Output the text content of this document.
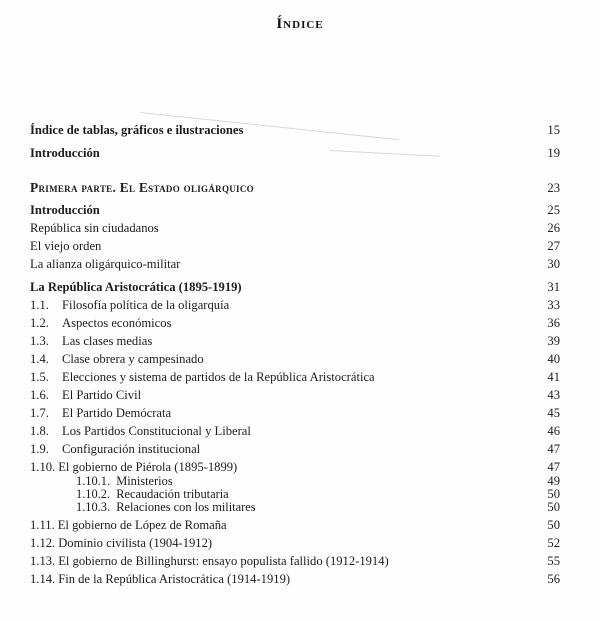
Índice
Índice de tablas, gráficos e ilustraciones	15
Introducción	19
Primera parte. El Estado oligárquico	23
Introducción	25
República sin ciudadanos	26
El viejo orden	27
La alianza oligárquico-militar	30
La República Aristocrática (1895-1919)	31
1.1. Filosofía política de la oligarquía	33
1.2. Aspectos económicos	36
1.3. Las clases medias	39
1.4. Clase obrera y campesinado	40
1.5. Elecciones y sistema de partidos de la República Aristocrática	41
1.6. El Partido Civil	43
1.7. El Partido Demócrata	45
1.8. Los Partidos Constitucional y Liberal	46
1.9. Configuración institucional	47
1.10. El gobierno de Piérola (1895-1899)	47
1.10.1. Ministerios	49
1.10.2. Recaudación tributaria	50
1.10.3. Relaciones con los militares	50
1.11. El gobierno de López de Romaña	50
1.12. Dominio civilista (1904-1912)	52
1.13. El gobierno de Billinghurst: ensayo populista fallido (1912-1914)	55
1.14. Fin de la República Aristocrática (1914-1919)	56
